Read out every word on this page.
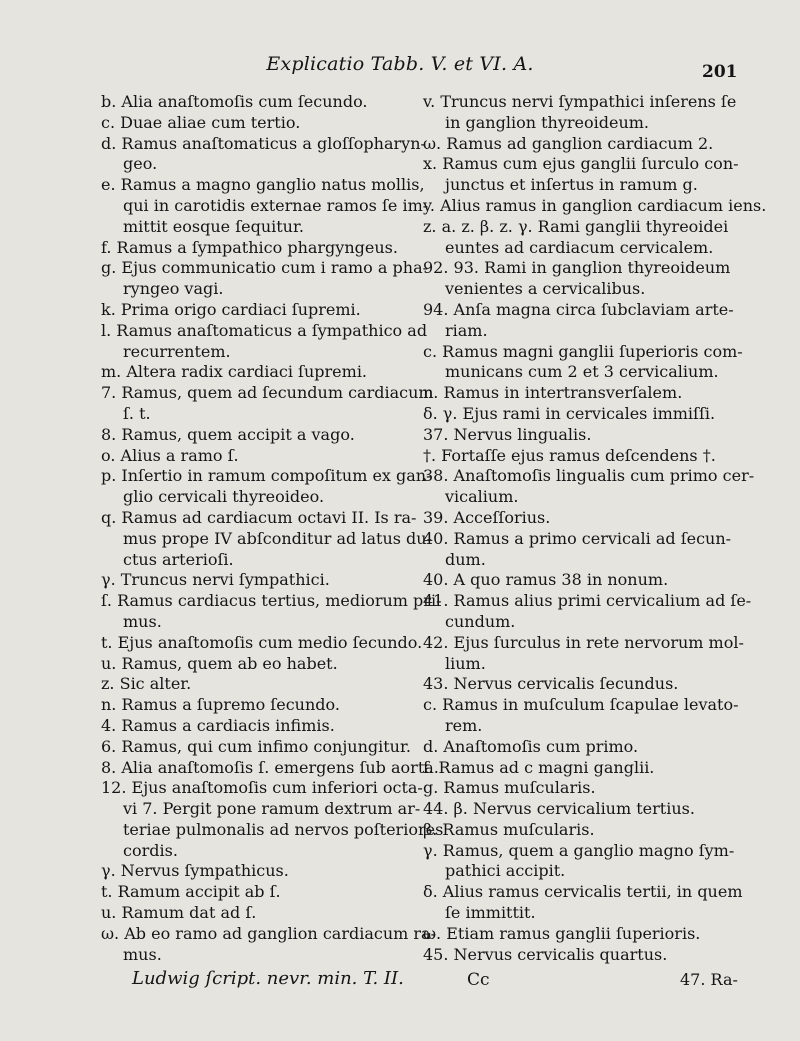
Explicatio Tabb. V. et VI. A.	201
b. Alia anaſtomoſis cum ſecundo.
c. Duae aliae cum tertio.
d. Ramus anaſtomaticus a gloſſopharyn-
geo.
e. Ramus a magno ganglio natus mollis,
qui in carotidis externae ramos ſe im-
mittit eosque ſequitur.
f. Ramus a ſympathico phargyngeus.
g. Ejus communicatio cum i ramo a pha-
ryngeo vagi.
k. Prima origo cardiaci ſupremi.
l. Ramus anaſtomaticus a ſympathico ad
recurrentem.
m. Altera radix cardiaci ſupremi.
7. Ramus, quem ad ſecundum cardiacum
ſ. t.
8. Ramus, quem accipit a vago.
o. Alius a ramo ſ.
p. Inſertio in ramum compoſitum ex gan-
glio cervicali thyreoideo.
q. Ramus ad cardiacum octavi II. Is ra-
mus prope IV abſconditur ad latus du-
ctus arterioſi.
γ. Truncus nervi ſympathici.
ſ. Ramus cardiacus tertius, mediorum pri-
mus.
t. Ejus anaſtomoſis cum medio ſecundo.
u. Ramus, quem ab eo habet.
z. Sic alter.
n. Ramus a ſupremo ſecundo.
4. Ramus a cardiacis infimis.
6. Ramus, qui cum infimo conjungitur.
8. Alia anaſtomoſis ſ. emergens ſub aorta.
12. Ejus anaſtomoſis cum inferiori octa-
vi 7. Pergit pone ramum dextrum ar-
teriae pulmonalis ad nervos poſteriores
cordis.
γ. Nervus ſympathicus.
t. Ramum accipit ab ſ.
u. Ramum dat ad ſ.
ω. Ab eo ramo ad ganglion cardiacum ra-
mus.
v. Truncus nervi ſympathici inſerens ſe
in ganglion thyreoideum.
ω. Ramus ad ganglion cardiacum 2.
x. Ramus cum ejus ganglii ſurculo con-
junctus et inſertus in ramum g.
y. Alius ramus in ganglion cardiacum iens.
z. a. z. β. z. γ. Rami ganglii thyreoidei
euntes ad cardiacum cervicalem.
92. 93. Rami in ganglion thyreoideum
venientes a cervicalibus.
94. Anſa magna circa ſubclaviam arte-
riam.
c. Ramus magni ganglii ſuperioris com-
municans cum 2 et 3 cervicalium.
n. Ramus in intertransverſalem.
δ. γ. Ejus rami in cervicales immiſſi.
37. Nervus lingualis.
†. Fortaſſe ejus ramus deſcendens †.
38. Anaſtomoſis lingualis cum primo cer-
vicalium.
39. Acceſſorius.
40. Ramus a primo cervicali ad ſecun-
dum.
40. A quo ramus 38 in nonum.
41. Ramus alius primi cervicalium ad ſe-
cundum.
42. Ejus ſurculus in rete nervorum mol-
lium.
43. Nervus cervicalis ſecundus.
c. Ramus in muſculum ſcapulae levato-
rem.
d. Anaſtomoſis cum primo.
f. Ramus ad c magni ganglii.
g. Ramus muſcularis.
44. β. Nervus cervicalium tertius.
β. Ramus muſcularis.
γ. Ramus, quem a ganglio magno ſym-
pathici accipit.
δ. Alius ramus cervicalis tertii, in quem
ſe immittit.
ω. Etiam ramus ganglii ſuperioris.
45. Nervus cervicalis quartus.
Ludwig ſcript. nevr. min. T. II.	Cc	47. Ra-
